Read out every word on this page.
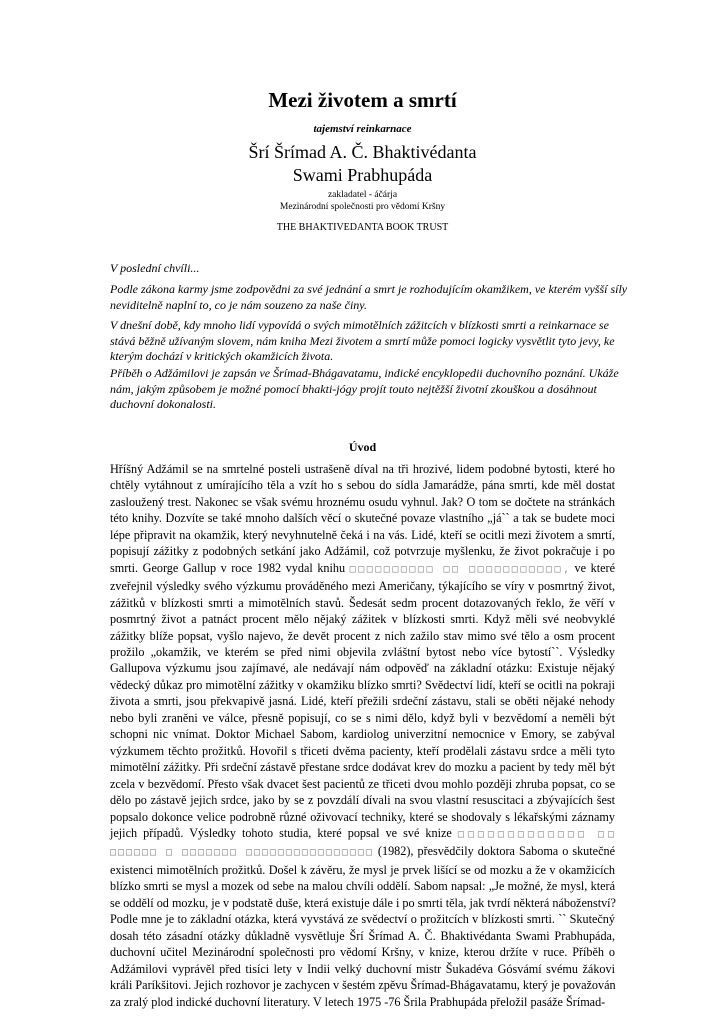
Mezi životem a smrtí
tajemství reinkarnace
Šrí Šrímad A. Č. Bhaktivédanta
Swami Prabhupáda
zakladatel - áčárja
Mezinárodní společnosti pro vědomí Kršny
THE BHAKTIVEDANTA BOOK TRUST
V poslední chvíli...
Podle zákona karmy jsme zodpovědni za své jednání a smrt je rozhodujícím okamžikem, ve kterém vyšší síly neviditelně naplní to, co je nám souzeno za naše činy.
V dnešní době, kdy mnoho lidí vypovídá o svých mimotělních zážitcích v blízkosti smrti a reinkarnace se stává běžně užívaným slovem, nám kniha Mezi životem a smrtí může pomoci logicky vysvětlit tyto jevy, ke kterým dochází v kritických okamžicích života.
Příběh o Adžámilovi je zapsán ve Šrímad-Bhágavatamu, indické encyklopedii duchovního poznání. Ukáže nám, jakým způsobem je možné pomocí bhakti-jógy projít touto nejtěžší životní zkouškou a dosáhnout duchovní dokonalosti.
Úvod
Hříšný Adžámil se na smrtelné posteli ustrašeně díval na tři hrozivé, lidem podobné bytosti, které ho
chtěly vytáhnout z umírajícího těla a vzít ho s sebou do sídla Jamarádže, pána smrti, kde měl dostat
zasloužený trest. Nakonec se však svému hroznému osudu vyhnul. Jak? O tom se dočtete na stránkách
této knihy. Dozvíte se také mnoho dalších věcí o skutečné povaze vlastního „já`` a tak se budete moci
lépe připravit na okamžik, který nevyhnutelně čeká i na vás. Lidé, kteří se ocitli mezi životem a smrtí,
popisují zážitky z podobných setkání jako Adžámil, což potvrzuje myšlenku, že život pokračuje i po
smrti. George Gallup v roce 1982 vydal knihu □□□□□□□□□□ □□ □□□□□□□□□□□, ve které
zveřejnil výsledky svého výzkumu prováděného mezi Američany, týkajícího se víry v posmrtný život,
zážitků v blízkosti smrti a mimotělních stavů. Šedesát sedm procent dotazovaných řeklo, že věří v
posmrtný život a patnáct procent mělo nějaký zážitek v blízkosti smrti. Když měli své neobvyklé
zážitky blíže popsat, vyšlo najevo, že devět procent z nich zažilo stav mimo své tělo a osm procent
prožilo „okamžik, ve kterém se před nimi objevila zvláštní bytost nebo více bytostí``. Výsledky
Gallupova výzkumu jsou zajímavé, ale nedávají nám odpověď na základní otázku: Existuje nějaký
vědecký důkaz pro mimotělní zážitky v okamžiku blízko smrti? Svědectví lidí, kteří se ocitli na pokraji
života a smrti, jsou překvapivě jasná. Lidé, kteří přežili srdeční zástavu, stali se oběti nějaké nehody
nebo byli zraněni ve válce, přesně popisují, co se s nimi dělo, když byli v bezvědomí a neměli být
schopni nic vnímat. Doktor Michael Sabom, kardiolog univerzitní nemocnice v Emory, se zabýval
výzkumem těchto prožitků. Hovořil s třiceti dvěma pacienty, kteří prodělali zástavu srdce a měli tyto
mimotělní zážitky. Při srdeční zástavě přestane srdce dodávat krev do mozku a pacient by tedy měl být
zcela v bezvědomí. Přesto však dvacet šest pacientů ze třiceti dvou mohlo později zhruba popsat, co se
dělo po zástavě jejich srdce, jako by se z povzdálí dívali na svou vlastní resuscitaci a zbývajících šest
popsalo dokonce velice podrobně různé oživovací techniky, které se shodovaly s lékařskými záznamy
jejich případů. Výsledky tohoto studia, které popsal ve své knize □□□□□□□□□□□□□ □□
□□□□□□ □ □□□□□□□ □□□□□□□□□□□□□□□□ (1982), přesvědčily doktora Saboma o skutečné
existenci mimotělních prožitků. Došel k závěru, že mysl je prvek lišící se od mozku a že v okamžicích
blízko smrti se mysl a mozek od sebe na malou chvíli oddělí. Sabom napsal: „Je možné, že mysl, která
se oddělí od mozku, je v podstatě duše, která existuje dále i po smrti těla, jak tvrdí některá náboženství?
Podle mne je to základní otázka, která vyvstává ze svědectví o prožitcích v blízkosti smrti. `` Skutečný
dosah této zásadní otázky důkladně vysvětluje Šrí Šrímad A. Č. Bhaktivédanta Swami Prabhupáda,
duchovní učitel Mezinárodní společnosti pro vědomí Kršny, v knize, kterou držíte v ruce. Příběh o
Adžámilovi vyprávěl před tisíci lety v Indii velký duchovní mistr Šukadéva Gósvámí svému žákovi
králi Paríkšitovi. Jejich rozhovor je zachycen v šestém zpěvu Šrímad-Bhágavatamu, který je považován
za zralý plod indické duchovní literatury. V letech 1975 -76 Šrila Prabhupáda přeložil pasáže Šrímad-
